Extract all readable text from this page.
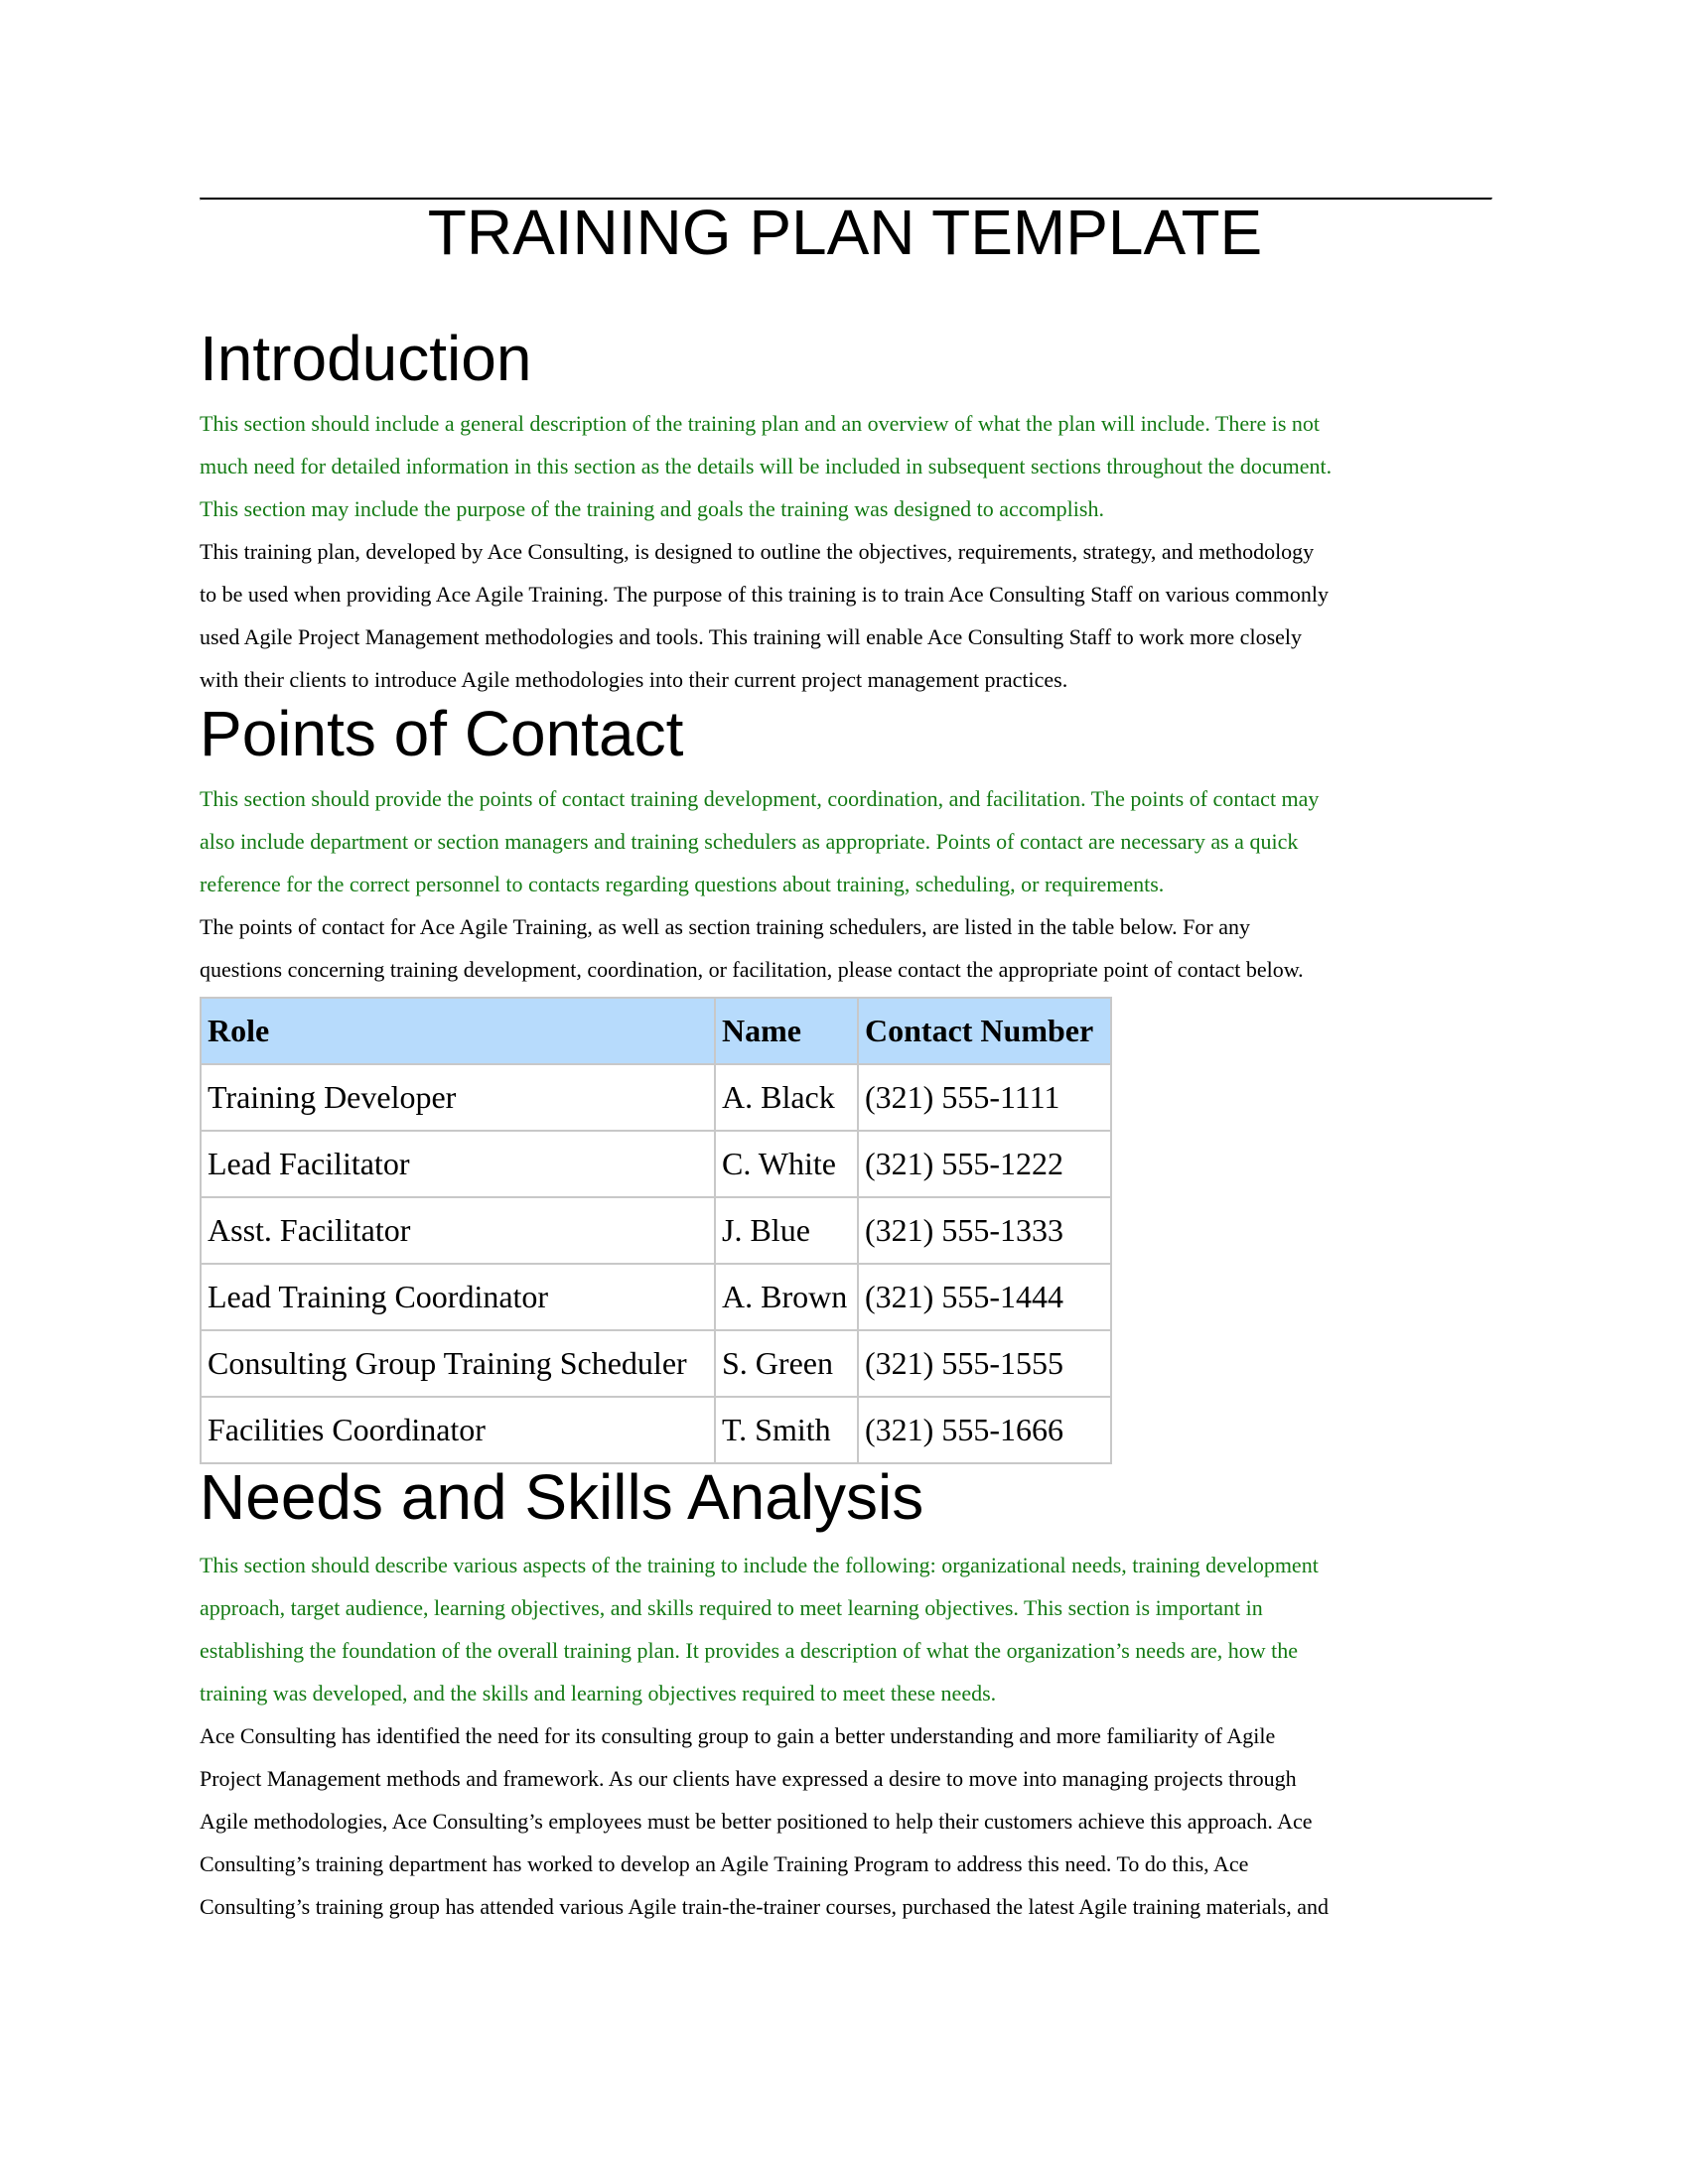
TRAINING PLAN TEMPLATE
Introduction
This section should include a general description of the training plan and an overview of what the plan will include. There is not
much need for detailed information in this section as the details will be included in subsequent sections throughout the document.
This section may include the purpose of the training and goals the training was designed to accomplish.
This training plan, developed by Ace Consulting, is designed to outline the objectives, requirements, strategy, and methodology
to be used when providing Ace Agile Training. The purpose of this training is to train Ace Consulting Staff on various commonly
used Agile Project Management methodologies and tools. This training will enable Ace Consulting Staff to work more closely
with their clients to introduce Agile methodologies into their current project management practices.
Points of Contact
This section should provide the points of contact training development, coordination, and facilitation. The points of contact may
also include department or section managers and training schedulers as appropriate. Points of contact are necessary as a quick
reference for the correct personnel to contacts regarding questions about training, scheduling, or requirements.
The points of contact for Ace Agile Training, as well as section training schedulers, are listed in the table below. For any
questions concerning training development, coordination, or facilitation, please contact the appropriate point of contact below.
Role	Name	Contact Number
Training Developer	A. Black	(321) 555-1111
Lead Facilitator	C. White	(321) 555-1222
Asst. Facilitator	J. Blue	(321) 555-1333
Lead Training Coordinator	A. Brown	(321) 555-1444
Consulting Group Training Scheduler	S. Green	(321) 555-1555
Facilities Coordinator	T. Smith	(321) 555-1666
Needs and Skills Analysis
This section should describe various aspects of the training to include the following: organizational needs, training development
approach, target audience, learning objectives, and skills required to meet learning objectives. This section is important in
establishing the foundation of the overall training plan. It provides a description of what the organization’s needs are, how the
training was developed, and the skills and learning objectives required to meet these needs.
Ace Consulting has identified the need for its consulting group to gain a better understanding and more familiarity of Agile
Project Management methods and framework. As our clients have expressed a desire to move into managing projects through
Agile methodologies, Ace Consulting’s employees must be better positioned to help their customers achieve this approach. Ace
Consulting’s training department has worked to develop an Agile Training Program to address this need. To do this, Ace
Consulting’s training group has attended various Agile train-the-trainer courses, purchased the latest Agile training materials, and
